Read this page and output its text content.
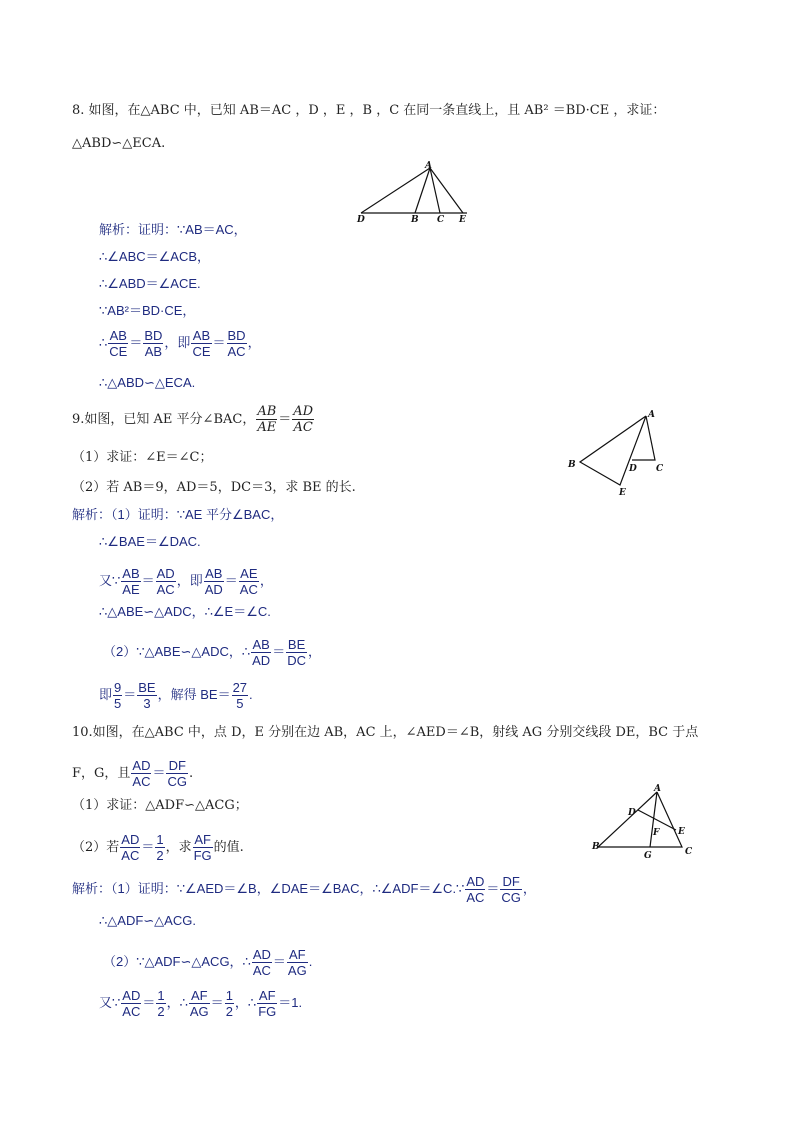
8. 如图，在△ABC 中，已知 AB＝AC ，D ，E ，B ，C 在同一条直线上，且 AB² ＝BD·CE ，求证：
△ABD∽△ECA.
A
D	B C E
解析：证明：∵AB＝AC，
∴∠ABC＝∠ACB，
∴∠ABD＝∠ACE.
∵AB²＝BD·CE，
∴ $\frac{AB}{CE} = \frac{BD}{AB}$ ，即 $\frac{AB}{CE} = \frac{BD}{AC}$ ，
∴△ABD∽△ECA.
9.如图，已知 AE 平分∠BAC， $\frac{AB}{AE} = \frac{AD}{AC}$
（1）求证：∠E＝∠C；
（2）若 AB＝9，AD＝5，DC＝3，求 BE 的长.
A
B	D C
E
解析：（1）证明：∵AE 平分∠BAC，
∴∠BAE＝∠DAC.
又∵ $\frac{AB}{AE} = \frac{AD}{AC}$ ，即 $\frac{AB}{AD} = \frac{AE}{AC}$ ，
∴△ABE∽△ADC，∴∠E＝∠C.
（2）∵△ABE∽△ADC，∴ $\frac{AB}{AD} = \frac{BE}{DC}$ ，
即 $\frac{9}{5} = \frac{BE}{3}$ ，解得 $BE= \frac{27}{5}$ .
10.如图，在△ABC 中，点 D，E 分别在边 AB，AC 上，∠AED＝∠B，射线 AG 分别交线段 DE，BC 于点
F，G，且 $\frac{AD}{AC} = \frac{DF}{CG}$ .
（1）求证：△ADF∽△ACG；
（2）若 $\frac{AD}{AC} = \frac{1}{2}$ ，求 $\frac{AF}{FG}$ 的值.
A
D
F E
B
G	C
解析：（1）证明：∵∠AED＝∠B，∠DAE＝∠BAC，∴∠ADF＝∠C.∵ $\frac{AD}{AC} = \frac{DF}{CG}$ ，
∴△ADF∽△ACG.
（2）∵△ADF∽△ACG，∴ $\frac{AD}{AC} = \frac{AF}{AG}$ .
又∵ $\frac{AD}{AC} = \frac{1}{2}$ ，∴ $\frac{AF}{AG} = \frac{1}{2}$ ，∴ $\frac{AF}{FG} =1$.
